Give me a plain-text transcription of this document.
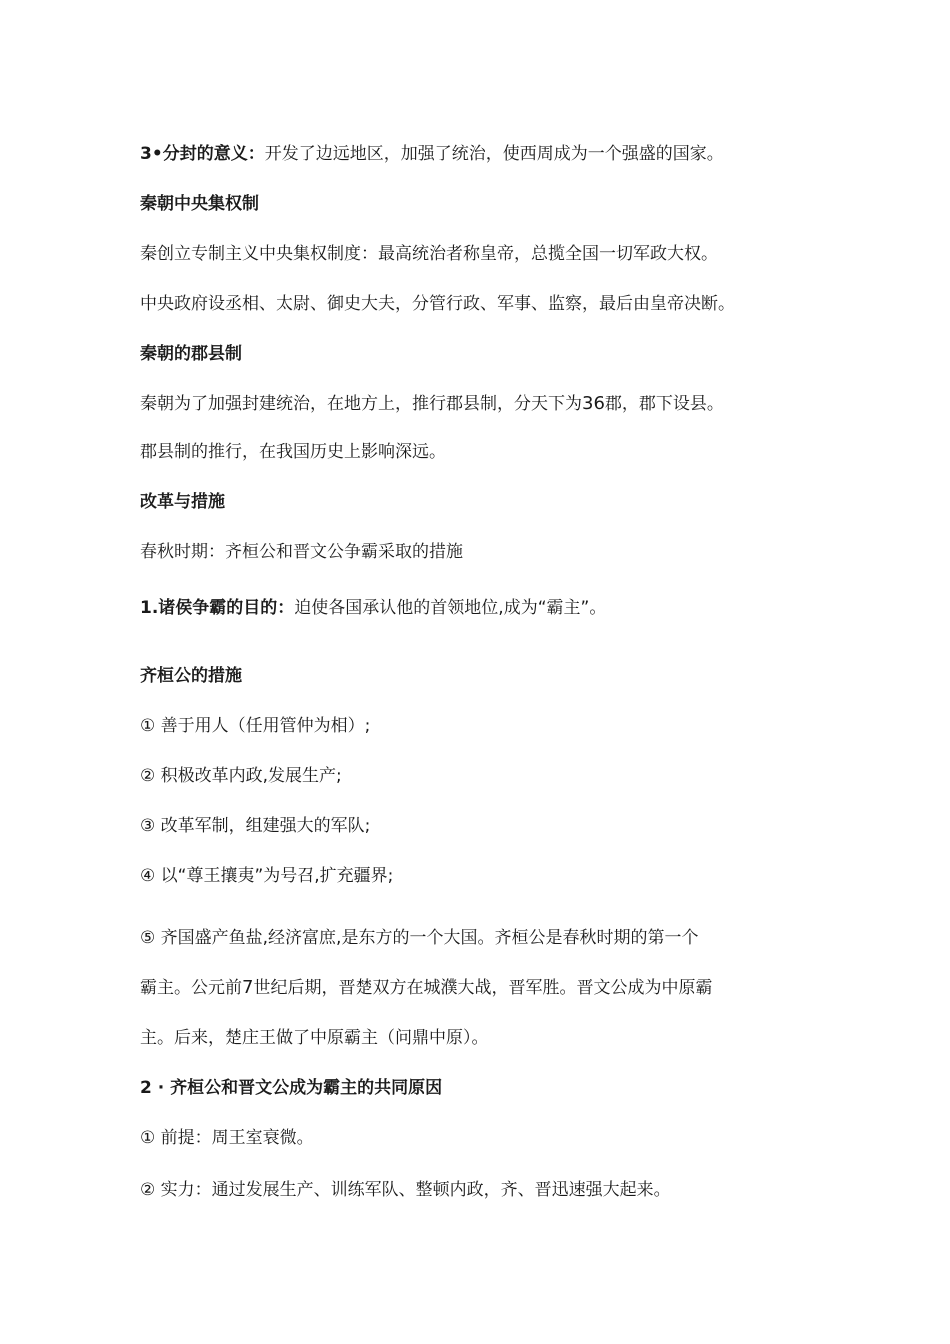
3•分封的意义：开发了边远地区，加强了统治，使西周成为一个强盛的国家。
秦朝中央集权制
秦创立专制主义中央集权制度：最高统治者称皇帝，总揽全国一切军政大权。
中央政府设丞相、太尉、御史大夫，分管行政、军事、监察，最后由皇帝决断。
秦朝的郡县制
秦朝为了加强封建统治，在地方上，推行郡县制，分天下为36郡，郡下设县。
郡县制的推行，在我国历史上影响深远。
改革与措施
春秋时期：齐桓公和晋文公争霸采取的措施
1.诸侯争霸的目的：迫使各国承认他的首领地位,成为“霸主”。
齐桓公的措施
① 善于用人（任用管仲为相）;
② 积极改革内政,发展生产;
③ 改革军制，组建强大的军队;
④ 以“尊王攘夷”为号召,扩充疆界;
⑤ 齐国盛产鱼盐,经济富庶,是东方的一个大国。齐桓公是春秋时期的第一个
霸主。公元前7世纪后期，晋楚双方在城濮大战，晋军胜。晋文公成为中原霸
主。后来，楚庄王做了中原霸主（问鼎中原）。
2 · 齐桓公和晋文公成为霸主的共同原因
① 前提：周王室衰微。
② 实力：通过发展生产、训练军队、整顿内政，齐、晋迅速强大起来。
